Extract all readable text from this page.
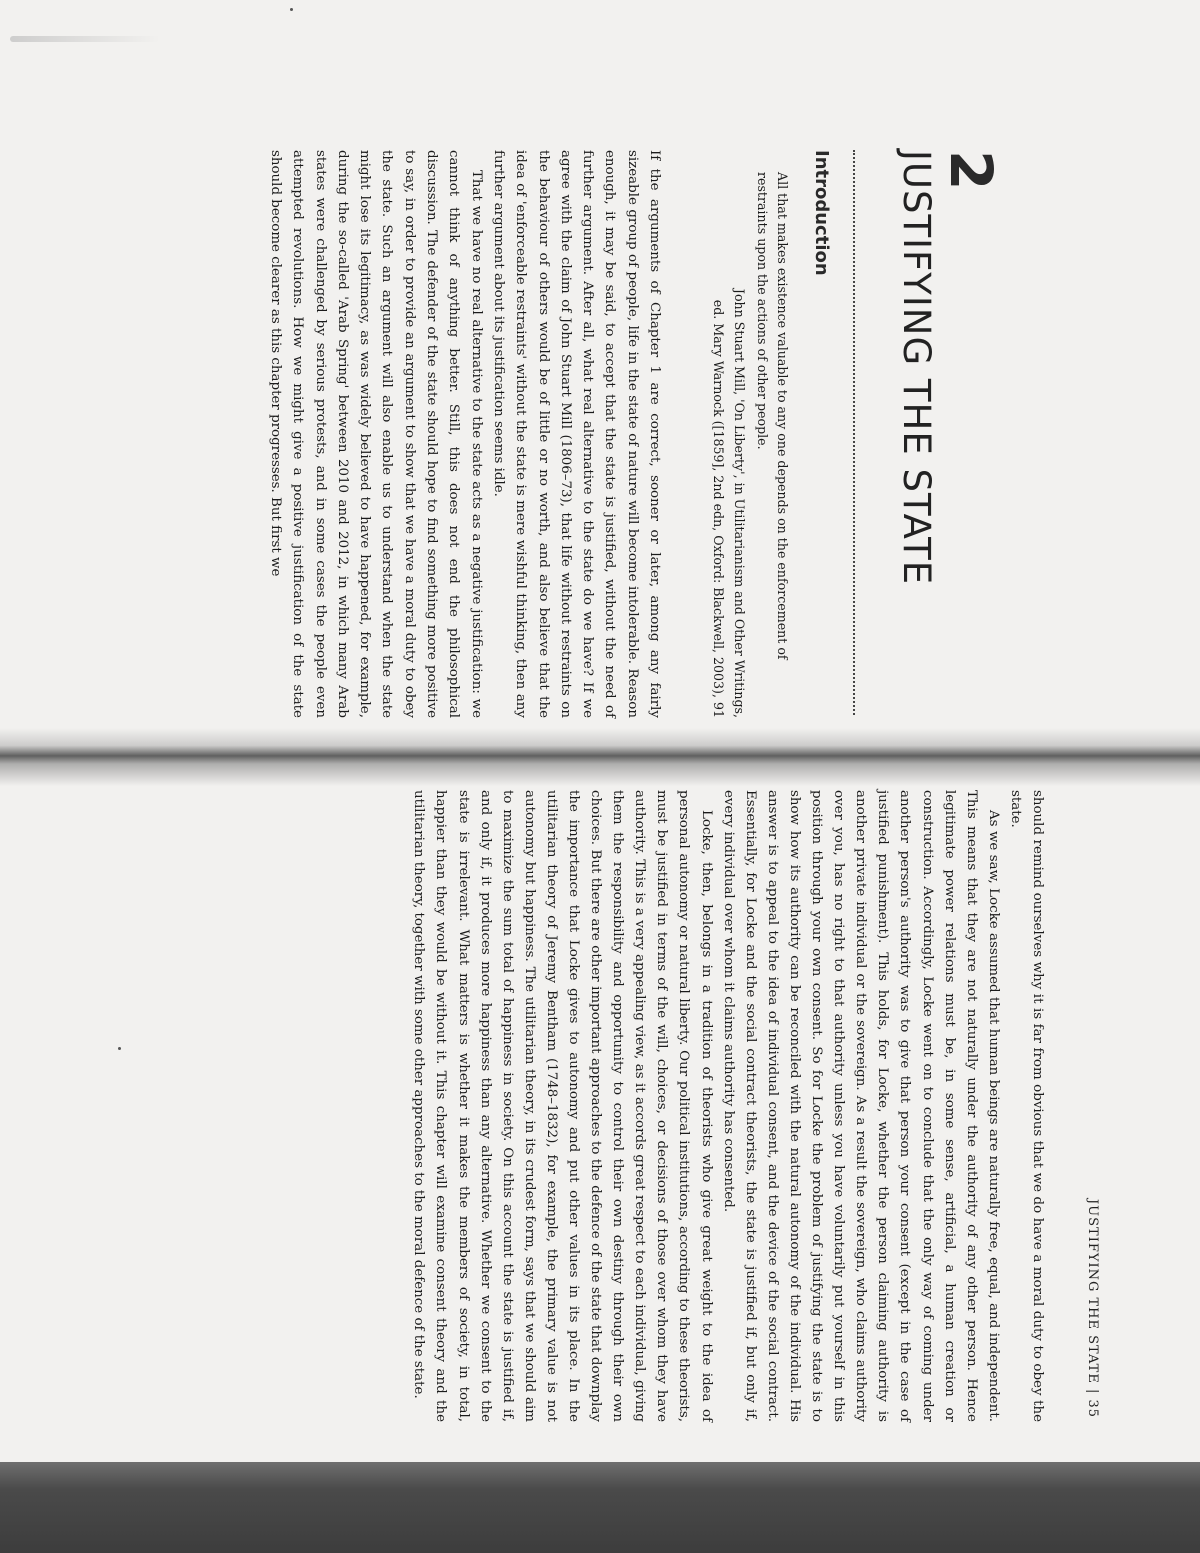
2
JUSTIFYING THE STATE
Introduction
All that makes existence valuable to any one depends on the enforcement of restraints upon the actions of other people.
John Stuart Mill, 'On Liberty', in Utilitarianism and Other Writings,
ed. Mary Warnock ([1859], 2nd edn, Oxford: Blackwell, 2003), 91

If the arguments of Chapter 1 are correct, sooner or later, among any fairly sizeable group of people, life in the state of nature will become intolerable. Reason enough, it may be said, to accept that the state is justified, without the need of further argument. After all, what real alternative to the state do we have? If we agree with the claim of John Stuart Mill (1806–73), that life without restraints on the behaviour of others would be of little or no worth, and also believe that the idea of 'enforceable restraints' without the state is mere wishful thinking, then any further argument about its justification seems idle.

That we have no real alternative to the state acts as a negative justification: we cannot think of anything better. Still, this does not end the philosophical discussion. The defender of the state should hope to find something more positive to say, in order to provide an argument to show that we have a moral duty to obey the state. Such an argument will also enable us to understand when the state might lose its legitimacy, as was widely believed to have happened, for example, during the so-called 'Arab Spring' between 2010 and 2012, in which many Arab states were challenged by serious protests, and in some cases the people even attempted revolutions. How we might give a positive justification of the state should become clearer as this chapter progresses. But first we

JUSTIFYING THE STATE | 35

should remind ourselves why it is far from obvious that we do have a moral duty to obey the state.

As we saw, Locke assumed that human beings are naturally free, equal, and independent. This means that they are not naturally under the authority of any other person. Hence legitimate power relations must be, in some sense, artificial, a human creation or construction. Accordingly, Locke went on to conclude that the only way of coming under another person's authority was to give that person your consent (except in the case of justified punishment). This holds, for Locke, whether the person claiming authority is another private individual or the sovereign. As a result the sovereign, who claims authority over you, has no right to that authority unless you have voluntarily put yourself in this position through your own consent. So for Locke the problem of justifying the state is to show how its authority can be reconciled with the natural autonomy of the individual. His answer is to appeal to the idea of individual consent, and the device of the social contract. Essentially, for Locke and the social contract theorists, the state is justified if, but only if, every individual over whom it claims authority has consented.

Locke, then, belongs in a tradition of theorists who give great weight to the idea of personal autonomy or natural liberty. Our political institutions, according to these theorists, must be justified in terms of the will, choices, or decisions of those over whom they have authority. This is a very appealing view, as it accords great respect to each individual, giving them the responsibility and opportunity to control their own destiny through their own choices. But there are other important approaches to the defence of the state that downplay the importance that Locke gives to autonomy and put other values in its place. In the utilitarian theory of Jeremy Bentham (1748–1832), for example, the primary value is not autonomy but happiness. The utilitarian theory, in its crudest form, says that we should aim to maximize the sum total of happiness in society. On this account the state is justified if, and only if, it produces more happiness than any alternative. Whether we consent to the state is irrelevant. What matters is whether it makes the members of society, in total, happier than they would be without it. This chapter will examine consent theory and the utilitarian theory, together with some other approaches to the moral defence of the state.
